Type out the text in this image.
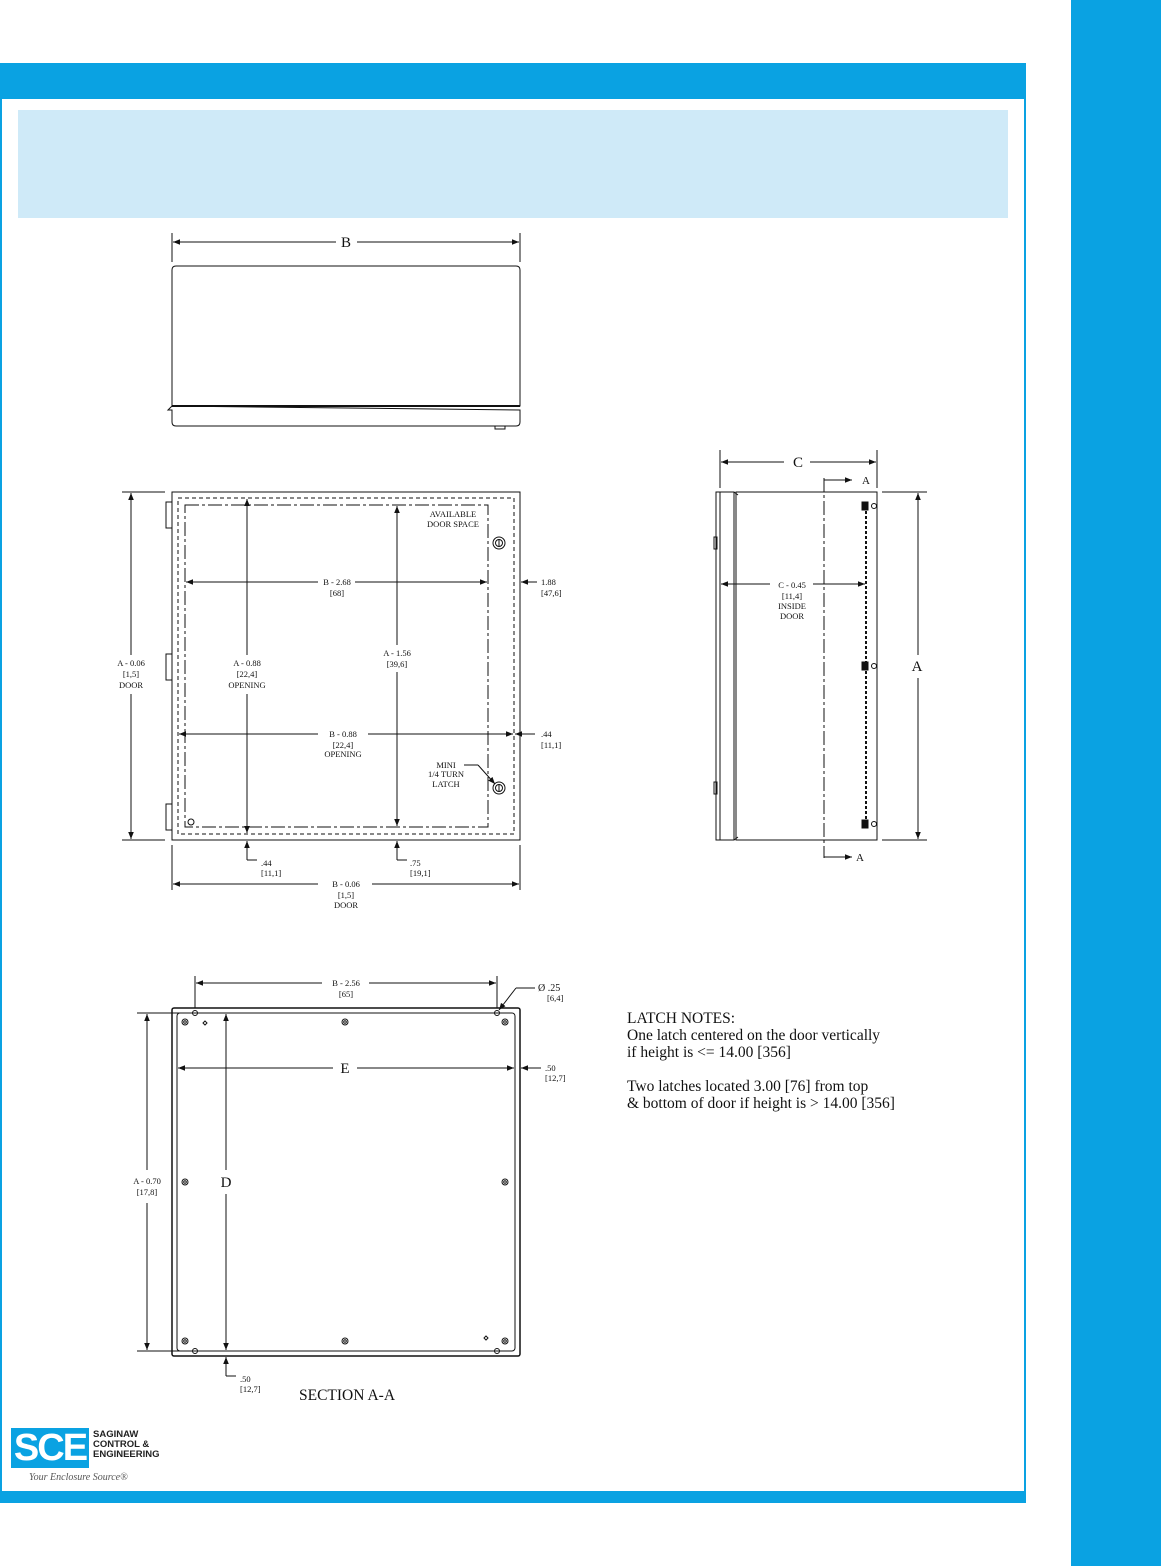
B
AVAILABLE
DOOR SPACE
B - 2.68
[68]
1.88
[47,6]
A - 0.06
[1,5]
DOOR
A - 0.88
[22,4]
OPENING
A - 1.56
[39,6]
B - 0.88
[22,4]
OPENING
.44
[11,1]
MINI
1/4 TURN
LATCH
.44
[11,1]
.75
[19,1]
B - 0.06
[1,5]
DOOR
C
A
A
A
C - 0.45
[11,4]
INSIDE
DOOR
B - 2.56
[65]	Ø .25
[6,4]
.50
[12,7]
E
D
A - 0.70
[17,8]
.50
[12,7] SECTION A-A
LATCH NOTES:
One latch centered on the door vertically
if height is <= 14.00 [356]
Two latches located 3.00 [76] from top
& bottom of door if height is > 14.00 [356]
SCE SAGINAW
CONTROL &
ENGINEERING
Your Enclosure Source®
